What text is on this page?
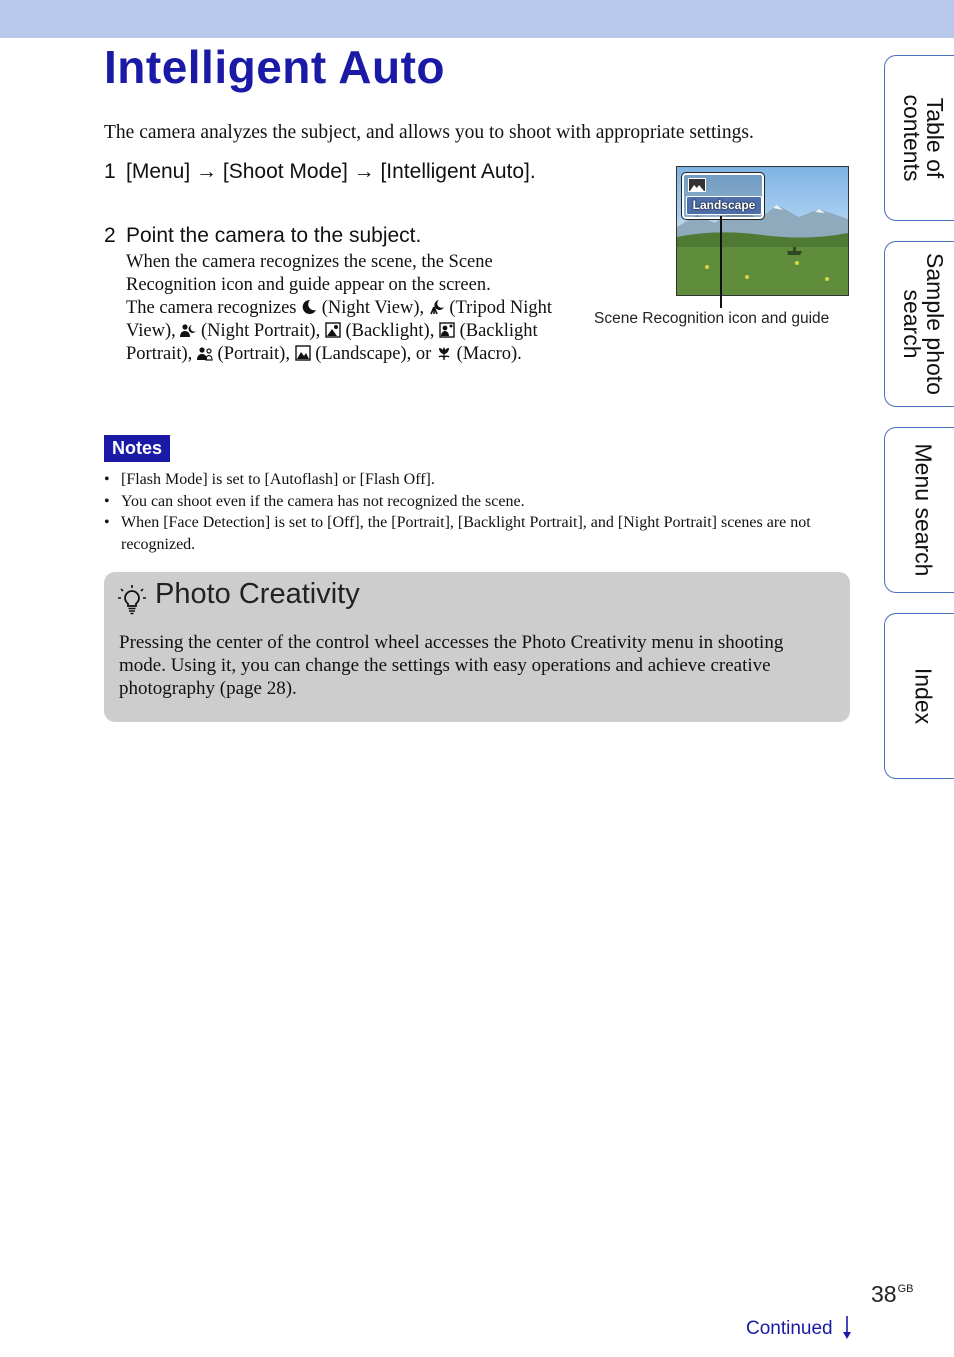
Intelligent Auto
The camera analyzes the subject, and allows you to shoot with appropriate settings.
1 [Menu] → [Shoot Mode] → [Intelligent Auto].
2 Point the camera to the subject.
When the camera recognizes the scene, the Scene Recognition icon and guide appear on the screen.
The camera recognizes (Night View), (Tripod Night View), (Night Portrait), (Backlight), (Backlight Portrait), (Portrait), (Landscape), or (Macro).
Landscape
Scene Recognition icon and guide
Notes
• [Flash Mode] is set to [Autoflash] or [Flash Off].
• You can shoot even if the camera has not recognized the scene.
• When [Face Detection] is set to [Off], the [Portrait], [Backlight Portrait], and [Night Portrait] scenes are not recognized.
Photo Creativity
Pressing the center of the control wheel accesses the Photo Creativity menu in shooting mode. Using it, you can change the settings with easy operations and achieve creative photography (page 28).
Table of contents
Sample photo search
Menu search
Index
$38^{GB}$
Continued
